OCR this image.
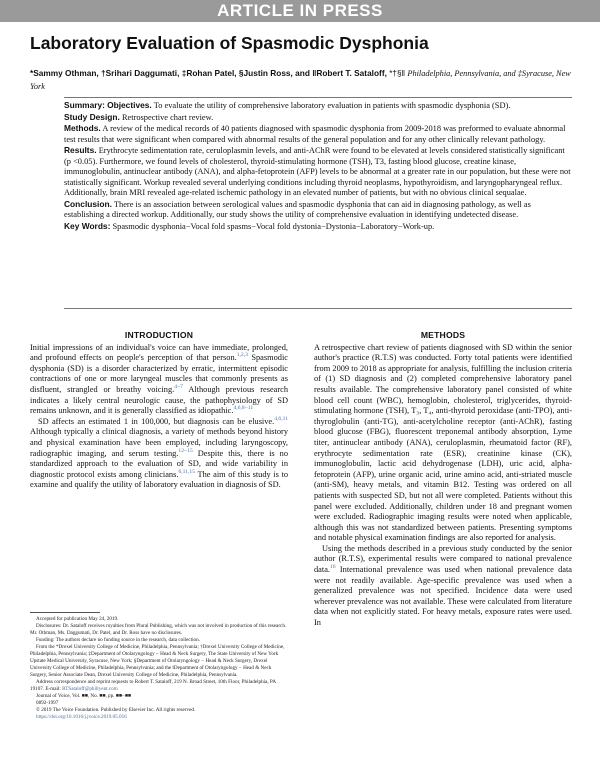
ARTICLE IN PRESS
Laboratory Evaluation of Spasmodic Dysphonia
*Sammy Othman, †Srihari Daggumati, ‡Rohan Patel, §Justin Ross, and ‖Robert T. Sataloff, *†§‖ Philadelphia, Pennsylvania, and ‡Syracuse, New York

Summary: Objectives. To evaluate the utility of comprehensive laboratory evaluation in patients with spasmodic dysphonia (SD).

Study Design. Retrospective chart review.

Methods. A review of the medical records of 40 patients diagnosed with spasmodic dysphonia from 2009-2018 was preformed to evaluate abnormal test results that were significant when compared with abnormal results of the general population and for any other clinically relevant pathology.

Results. Erythrocyte sedimentation rate, ceruloplasmin levels, and anti-AChR were found to be elevated at levels considered statistically significant (p <0.05). Furthermore, we found levels of cholesterol, thyroid-stimulating hormone (TSH), T3, fasting blood glucose, creatine kinase, immunoglobulin, antinuclear antibody (ANA), and alpha-fetoprotein (AFP) levels to be abnormal at a greater rate in our population, but these were not statistically significant. Workup revealed several underlying conditions including thyroid neoplasms, hypothyroidism, and laryngopharyngeal reflux. Additionally, brain MRI revealed age-related ischemic pathology in an elevated number of patients, but with no obvious clinical sequalae.

Conclusion. There is an association between serological values and spasmodic dysphonia that can aid in diagnosing pathology, as well as establishing a directed workup. Additionally, our study shows the utility of comprehensive evaluation in identifying undetected disease.

Key Words: Spasmodic dysphonia−Vocal fold spasms−Vocal fold dystonia−Dystonia−Laboratory−Work-up.

INTRODUCTION

Initial impressions of an individual's voice can have immediate, prolonged, and profound effects on people's perception of that person.$^{1,2,3}$ Spasmodic dysphonia (SD) is a disorder characterized by erratic, intermittent episodic contractions of one or more laryngeal muscles that commonly presents as disfluent, strangled or breathy voicing.$^{4-7}$ Although previous research indicates a likely central neurologic cause, the pathophysiology of SD remains unknown, and it is generally classified as idiopathic.$^{4,6,8-11}$

SD affects an estimated 1 in 100,000, but diagnosis can be elusive.$^{4,6,11}$ Although typically a clinical diagnosis, a variety of methods beyond history and physical examination have been employed, including laryngoscopy, radiographic imaging, and serum testing.$^{12-15}$ Despite this, there is no standardized approach to the evaluation of SD, and wide variability in diagnostic protocol exists among clinicians.$^{6,11,15}$ The aim of this study is to examine and qualify the utility of laboratory evaluation in diagnosis of SD.

Accepted for publication May 24, 2019.

Disclosures: Dr. Sataloff receives royalties from Plural Publishing, which was not involved in production of this research. Mr. Othman, Ms. Daggumati, Dr. Patel, and Dr. Ross have no disclosures.

Funding: The authors declare no funding source in the research, data collection.

From the *Drexel University College of Medicine, Philadelphia, Pennsylvania; †Drexel University College of Medicine, Philadelphia, Pennsylvania; ‡Department of Otolaryngology − Head & Neck Surgery, The State University of New York Upstate Medical University, Syracuse, New York; §Department of Otolaryngology − Head & Neck Surgery, Drexel University College of Medicine, Philadelphia, Pennsylvania; and the ‖Department of Otolaryngology − Head & Neck Surgery, Senior Associate Dean, Drexel University College of Medicine, Philadelphia, Pennsylvania.

Address correspondence and reprint requests to Robert T. Sataloff, 219 N. Broad Street, 10th Floor, Philadelphia, PA 19107. E-mail: RTSataloff@phillyent.com

Journal of Voice, Vol. ■■, No. ■■, pp. ■■−■■

0892-1997

© 2019 The Voice Foundation. Published by Elsevier Inc. All rights reserved.

https://doi.org/10.1016/j.jvoice.2019.05.016

METHODS

A retrospective chart review of patients diagnosed with SD within the senior author's practice (R.T.S) was conducted. Forty total patients were identified from 2009 to 2018 as appropriate for analysis, fulfilling the inclusion criteria of (1) SD diagnosis and (2) completed comprehensive laboratory panel results available. The comprehensive laboratory panel consisted of white blood cell count (WBC), hemoglobin, cholesterol, triglycerides, thyroid-stimulating hormone (TSH), T₃, T₄, anti-thyroid peroxidase (anti-TPO), anti-thyroglobulin (anti-TG), anti-acetylcholine receptor (anti-AChR), fasting blood glucose (FBG), fluorescent treponemal antibody absorption, Lyme titer, antinuclear antibody (ANA), ceruloplasmin, rheumatoid factor (RF), erythrocyte sedimentation rate (ESR), creatinine kinase (CK), immunoglobulin, lactic acid dehydrogenase (LDH), uric acid, alpha-fetoprotein (AFP), urine organic acid, urine amino acid, anti-striated muscle (anti-SM), heavy metals, and vitamin B12. Testing was ordered on all patients with suspected SD, but not all were completed. Patients without this panel were excluded. Additionally, children under 18 and pregnant women were excluded. Radiographic imaging results were noted when applicable, although this was not standardized between patients. Presenting symptoms and notable physical examination findings are also reported for analysis.

Using the methods described in a previous study conducted by the senior author (R.T.S), experimental results were compared to national prevalence data.$^{16}$ International prevalence was used when national prevalence data were not readily available. Age-specific prevalence was used when a generalized prevalence was not specified. Incidence data were used wherever prevalence was not available. These were calculated from literature data when not explicitly stated. For heavy metals, exposure rates were used. In
